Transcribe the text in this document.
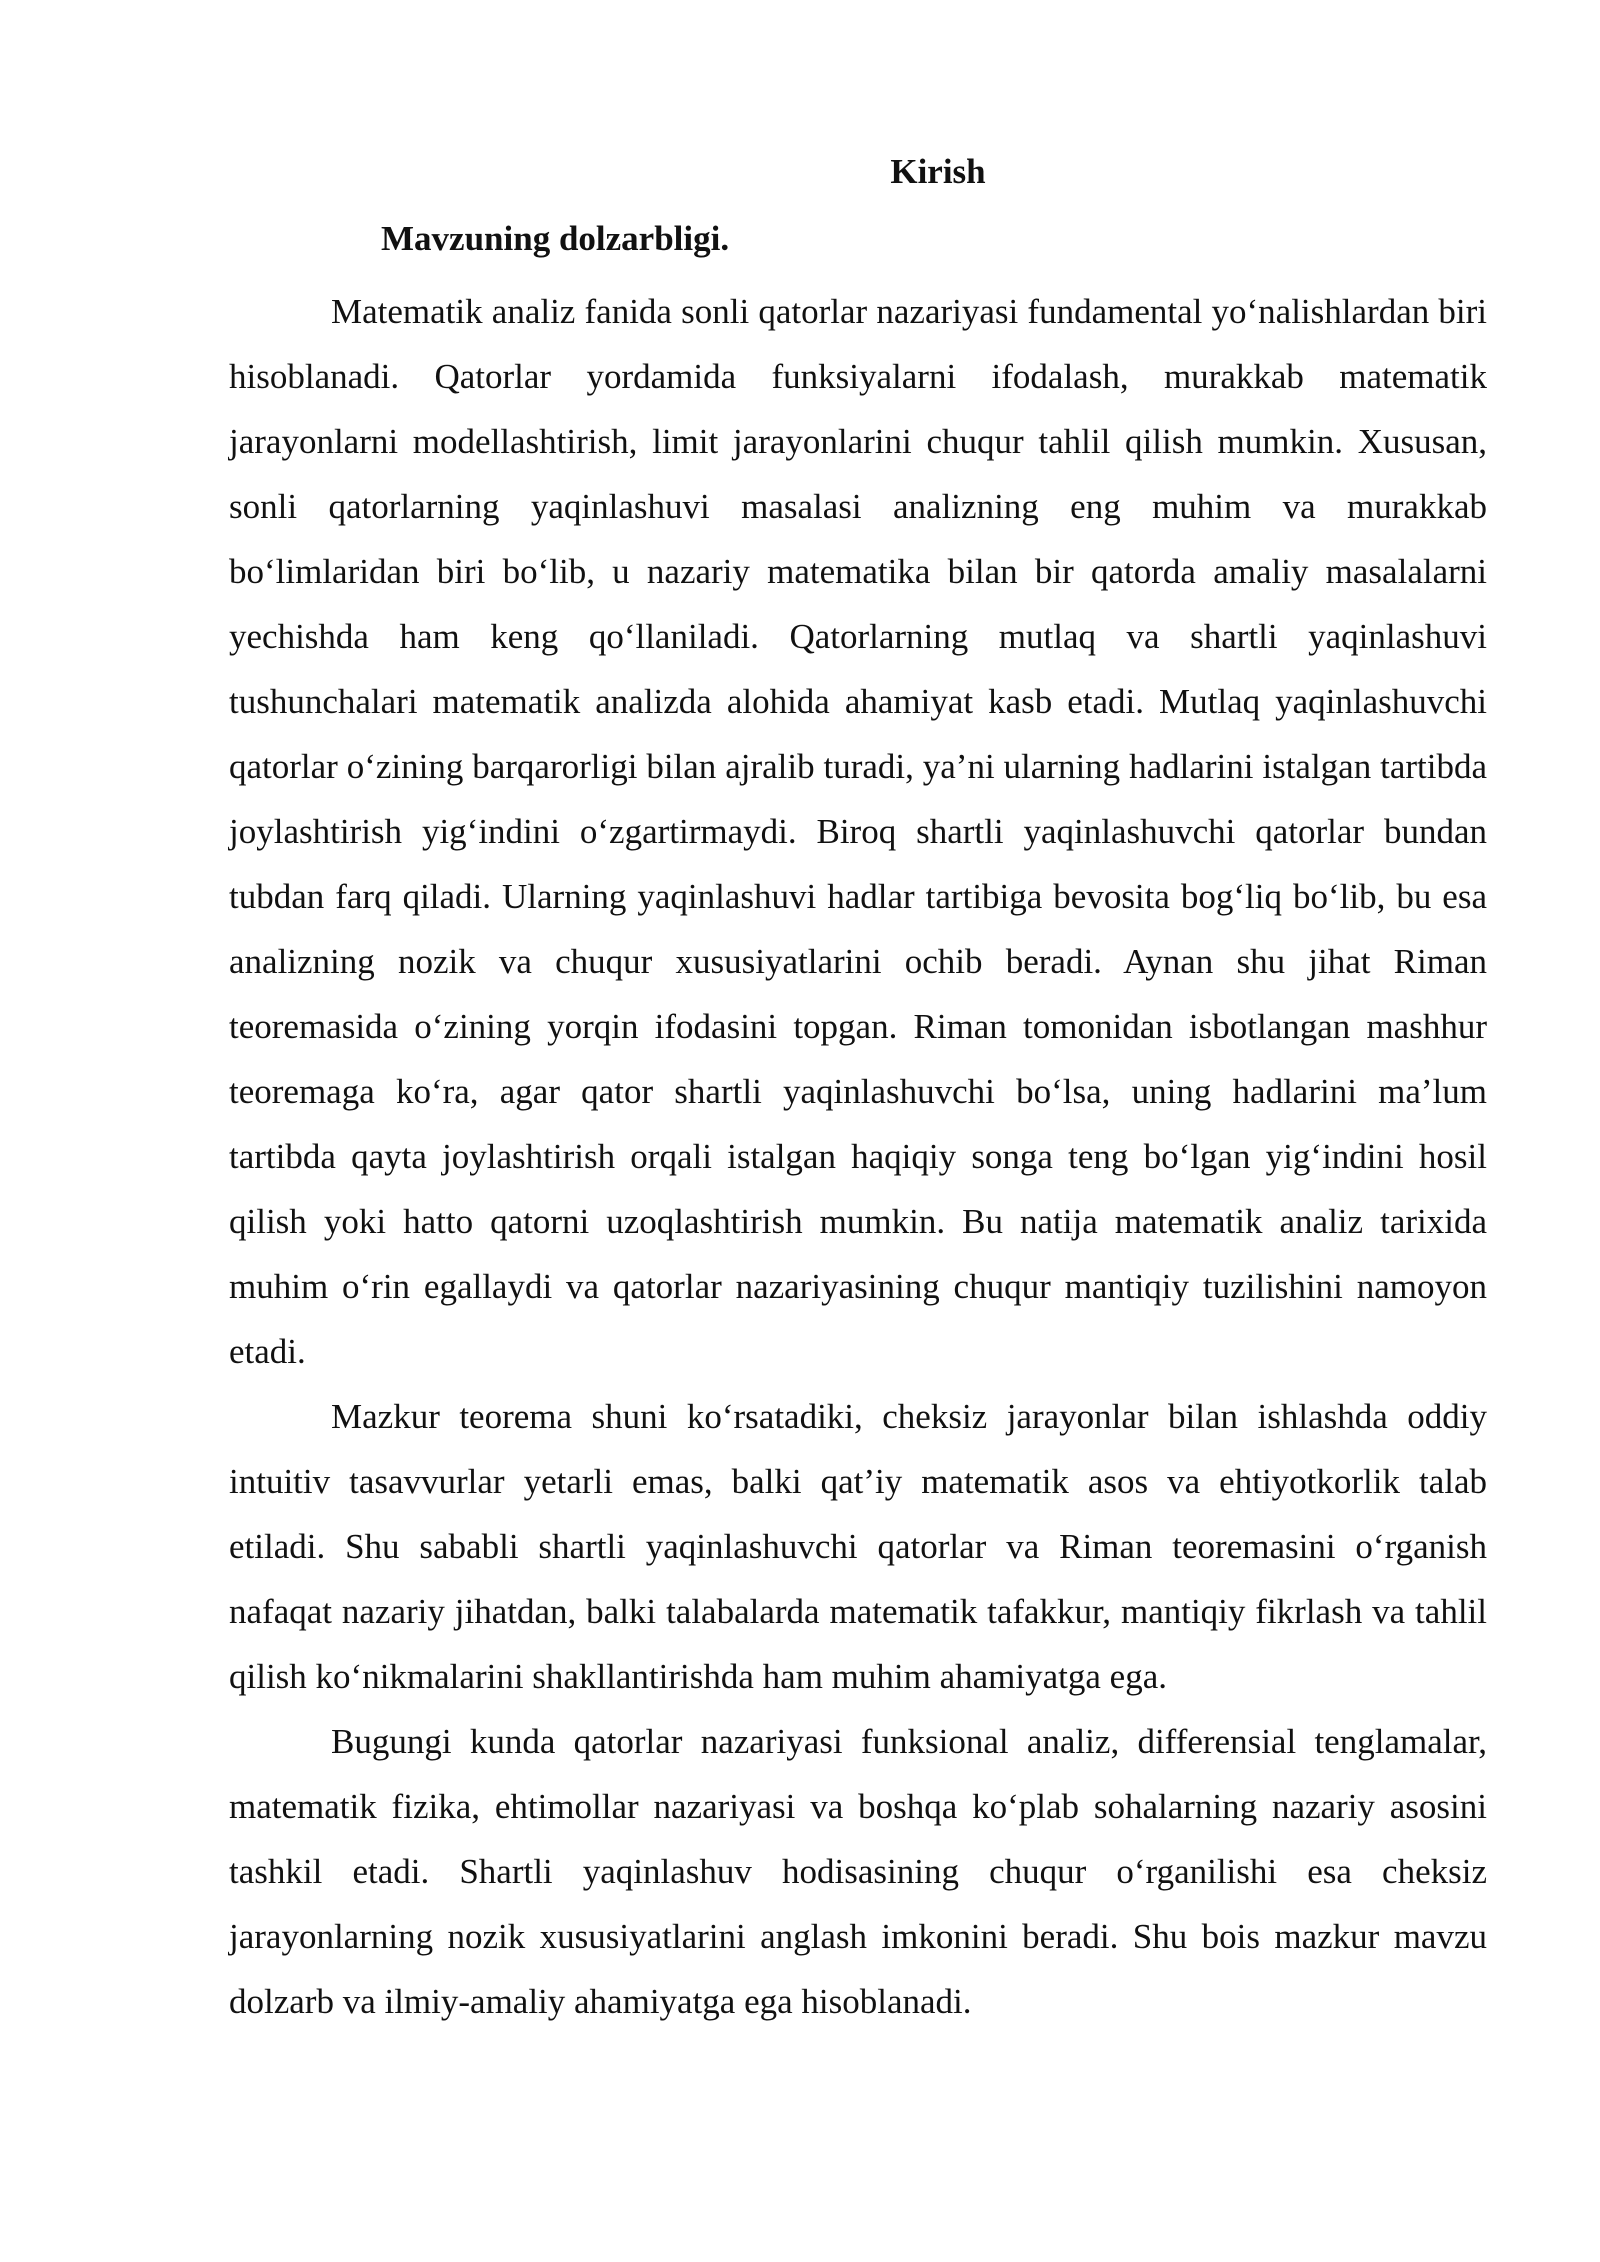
Kirish
Mavzuning dolzarbligi.

Matematik analiz fanida sonli qatorlar nazariyasi fundamental yoʻnalishlardan biri hisoblanadi. Qatorlar yordamida funksiyalarni ifodalash, murakkab matematik jarayonlarni modellashtirish, limit jarayonlarini chuqur tahlil qilish mumkin. Xususan, sonli qatorlarning yaqinlashuvi masalasi analizning eng muhim va murakkab boʻlimlaridan biri boʻlib, u nazariy matematika bilan bir qatorda amaliy masalalarni yechishda ham keng qoʻllaniladi. Qatorlarning mutlaq va shartli yaqinlashuvi tushunchalari matematik analizda alohida ahamiyat kasb etadi. Mutlaq yaqinlashuvchi qatorlar oʻzining barqarorligi bilan ajralib turadi, ya’ni ularning hadlarini istalgan tartibda joylashtirish yigʻindini oʻzgartirmaydi. Biroq shartli yaqinlashuvchi qatorlar bundan tubdan farq qiladi. Ularning yaqinlashuvi hadlar tartibiga bevosita bogʻliq boʻlib, bu esa analizning nozik va chuqur xususiyatlarini ochib beradi. Aynan shu jihat Riman teoremasida oʻzining yorqin ifodasini topgan. Riman tomonidan isbotlangan mashhur teoremaga koʻra, agar qator shartli yaqinlashuvchi boʻlsa, uning hadlarini ma’lum tartibda qayta joylashtirish orqali istalgan haqiqiy songa teng boʻlgan yigʻindini hosil qilish yoki hatto qatorni uzoqlashtirish mumkin. Bu natija matematik analiz tarixida muhim oʻrin egallaydi va qatorlar nazariyasining chuqur mantiqiy tuzilishini namoyon etadi.

Mazkur teorema shuni koʻrsatadiki, cheksiz jarayonlar bilan ishlashda oddiy intuitiv tasavvurlar yetarli emas, balki qat’iy matematik asos va ehtiyotkorlik talab etiladi. Shu sababli shartli yaqinlashuvchi qatorlar va Riman teoremasini oʻrganish nafaqat nazariy jihatdan, balki talabalarda matematik tafakkur, mantiqiy fikrlash va tahlil qilish koʻnikmalarini shakllantirishda ham muhim ahamiyatga ega.

Bugungi kunda qatorlar nazariyasi funksional analiz, differensial tenglamalar, matematik fizika, ehtimollar nazariyasi va boshqa koʻplab sohalarning nazariy asosini tashkil etadi. Shartli yaqinlashuv hodisasining chuqur oʻrganilishi esa cheksiz jarayonlarning nozik xususiyatlarini anglash imkonini beradi. Shu bois mazkur mavzu dolzarb va ilmiy-amaliy ahamiyatga ega hisoblanadi.
